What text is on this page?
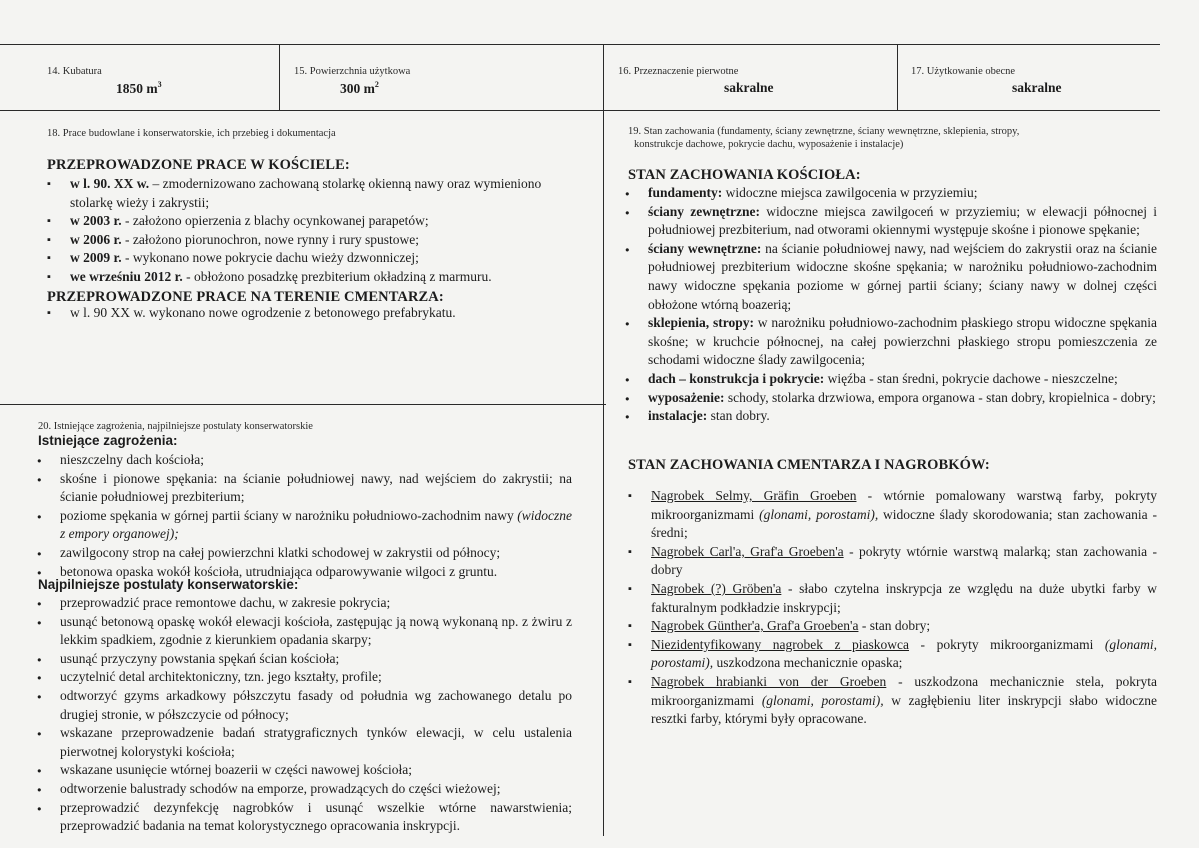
14. Kubatura
1850 $m^3$
15. Powierzchnia użytkowa
300 $m^2$
16. Przeznaczenie pierwotne
sakralne
17. Użytkowanie obecne
sakralne
18. Prace budowlane i konserwatorskie, ich przebieg i dokumentacja
PRZEPROWADZONE PRACE W KOŚCIELE:
▪ w l. 90. XX w. – zmodernizowano zachowaną stolarkę okienną nawy oraz wymieniono stolarkę wieży i zakrystii;
▪ w 2003 r. - założono opierzenia z blachy ocynkowanej parapetów;
▪ w 2006 r. - założono piorunochron, nowe rynny i rury spustowe;
▪ w 2009 r. - wykonano nowe pokrycie dachu wieży dzwonniczej;
▪ we wrześniu 2012 r. - obłożono posadzkę prezbiterium okładziną z marmuru.
PRZEPROWADZONE PRACE NA TERENIE CMENTARZA:
▪ w l. 90 XX w. wykonano nowe ogrodzenie z betonowego prefabrykatu.
19. Stan zachowania (fundamenty, ściany zewnętrzne, ściany wewnętrzne, sklepienia, stropy,
konstrukcje dachowe, pokrycie dachu, wyposażenie i instalacje)
STAN ZACHOWANIA KOŚCIOŁA:
● fundamenty: widoczne miejsca zawilgocenia w przyziemiu;
● ściany zewnętrzne: widoczne miejsca zawilgoceń w przyziemiu; w elewacji północnej i południowej prezbiterium, nad otworami okiennymi występuje skośne i pionowe spękanie;
● ściany wewnętrzne: na ścianie południowej nawy, nad wejściem do zakrystii oraz na ścianie południowej prezbiterium widoczne skośne spękania; w narożniku południowo-zachodnim nawy widoczne spękania poziome w górnej partii ściany; ściany nawy w dolnej części obłożone wtórną boazerią;
● sklepienia, stropy: w narożniku południowo-zachodnim płaskiego stropu widoczne spękania skośne; w kruchcie północnej, na całej powierzchni płaskiego stropu pomieszczenia ze schodami widoczne ślady zawilgocenia;
● dach – konstrukcja i pokrycie: więźba - stan średni, pokrycie dachowe - nieszczelne;
● wyposażenie: schody, stolarka drzwiowa, empora organowa - stan dobry, kropielnica - dobry;
● instalacje: stan dobry.
STAN ZACHOWANIA CMENTARZA I NAGROBKÓW:
▪ Nagrobek Selmy, Gräfin Groeben - wtórnie pomalowany warstwą farby, pokryty mikroorganizmami (glonami, porostami), widoczne ślady skorodowania; stan zachowania - średni;
▪ Nagrobek Carl'a, Graf'a Groeben'a - pokryty wtórnie warstwą malarką; stan zachowania - dobry
▪ Nagrobek (?) Gröben'a - słabo czytelna inskrypcja ze względu na duże ubytki farby w fakturalnym podkładzie inskrypcji;
▪ Nagrobek Günther'a, Graf'a Groeben'a - stan dobry;
▪ Niezidentyfikowany nagrobek z piaskowca - pokryty mikroorganizmami (glonami, porostami), uszkodzona mechanicznie opaska;
▪ Nagrobek hrabianki von der Groeben - uszkodzona mechanicznie stela, pokryta mikroorganizmami (glonami, porostami), w zagłębieniu liter inskrypcji słabo widoczne resztki farby, którymi były opracowane.
20. Istniejące zagrożenia, najpilniejsze postulaty konserwatorskie
Istniejące zagrożenia:
● nieszczelny dach kościoła;
● skośne i pionowe spękania: na ścianie południowej nawy, nad wejściem do zakrystii; na ścianie południowej prezbiterium;
● poziome spękania w górnej partii ściany w narożniku południowo-zachodnim nawy (widoczne z empory organowej);
● zawilgocony strop na całej powierzchni klatki schodowej w zakrystii od północy;
● betonowa opaska wokół kościoła, utrudniająca odparowywanie wilgoci z gruntu.
Najpilniejsze postulaty konserwatorskie:
● przeprowadzić prace remontowe dachu, w zakresie pokrycia;
● usunąć betonową opaskę wokół elewacji kościoła, zastępując ją nową wykonaną np. z żwiru z lekkim spadkiem, zgodnie z kierunkiem opadania skarpy;
● usunąć przyczyny powstania spękań ścian kościoła;
● uczytelnić detal architektoniczny, tzn. jego kształty, profile;
● odtworzyć gzyms arkadkowy półszczytu fasady od południa wg zachowanego detalu po drugiej stronie, w półszczycie od północy;
● wskazane przeprowadzenie badań stratygraficznych tynków elewacji, w celu ustalenia pierwotnej kolorystyki kościoła;
● wskazane usunięcie wtórnej boazerii w części nawowej kościoła;
● odtworzenie balustrady schodów na emporze, prowadzących do części wieżowej;
● przeprowadzić dezynfekcję nagrobków i usunąć wszelkie wtórne nawarstwienia; przeprowadzić badania na temat kolorystycznego opracowania inskrypcji.
